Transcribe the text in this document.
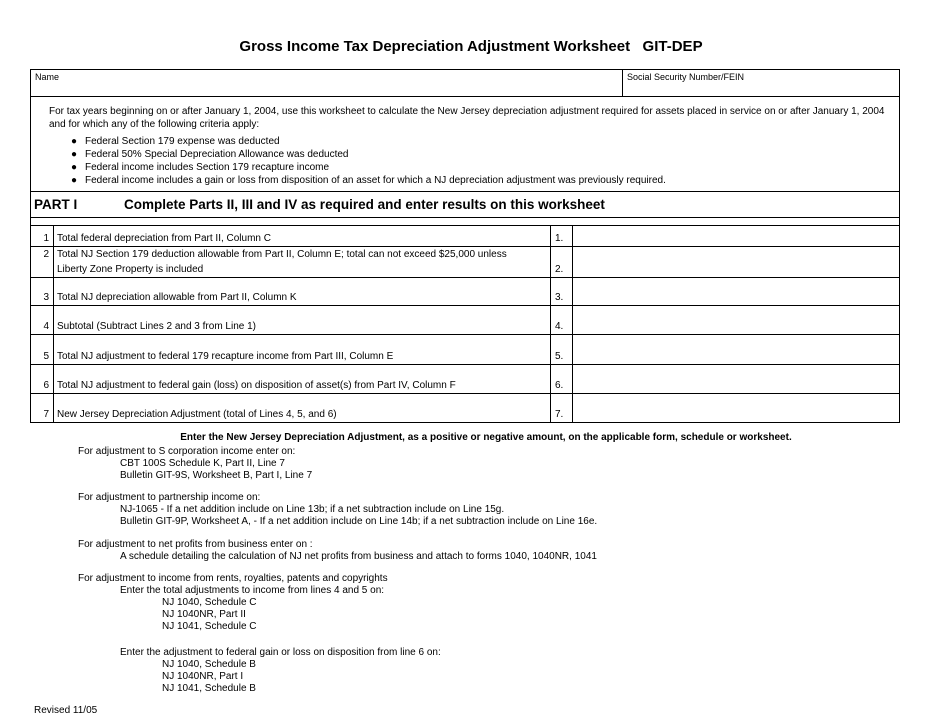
Gross Income Tax Depreciation Adjustment Worksheet   GIT-DEP
Name	Social Security Number/FEIN

For tax years beginning on or after January 1, 2004, use this worksheet to calculate the New Jersey depreciation adjustment required for assets placed in service on or after January 1, 2004 and for which any of the following criteria apply:

● Federal Section 179 expense was deducted
● Federal 50% Special Depreciation Allowance was deducted
● Federal income includes Section 179 recapture income
● Federal income includes a gain or loss from disposition of an asset for which a NJ depreciation adjustment was previously required.
PART I	Complete Parts II, III and IV as required and enter results on this worksheet
1 Total federal depreciation from Part II, Column C	1.
2 Total NJ Section 179 deduction allowable from Part II, Column E; total can not exceed $25,000 unless
Liberty Zone Property is included	2.
3 Total NJ depreciation allowable from Part II, Column K	3.
4 Subtotal (Subtract Lines 2 and 3 from Line 1)	4.
5 Total NJ adjustment to federal 179 recapture income from Part III, Column E	5.
6 Total NJ adjustment to federal gain (loss) on disposition of asset(s) from Part IV, Column F	6.
7 New Jersey Depreciation Adjustment (total of Lines 4, 5, and 6)	7.

Enter the New Jersey Depreciation Adjustment, as a positive or negative amount, on the applicable form, schedule or worksheet.

For adjustment to S corporation income enter on:
CBT 100S Schedule K, Part II, Line 7
Bulletin GIT-9S, Worksheet B, Part I, Line 7
For adjustment to partnership income on:
NJ-1065 - If a net addition include on Line 13b; if a net subtraction include on Line 15g.
Bulletin GIT-9P, Worksheet A, - If a net addition include on Line 14b; if a net subtraction include on Line 16e.
For adjustment to net profits from business enter on :
A schedule detailing the calculation of NJ net profits from business and attach to forms 1040, 1040NR, 1041
For adjustment to income from rents, royalties, patents and copyrights
Enter the total adjustments to income from lines 4 and 5 on:
NJ 1040, Schedule C
NJ 1040NR, Part II
NJ 1041, Schedule C
Enter the adjustment to federal gain or loss on disposition from line 6 on:
NJ 1040, Schedule B
NJ 1040NR, Part I
NJ 1041, Schedule B
Revised 11/05
